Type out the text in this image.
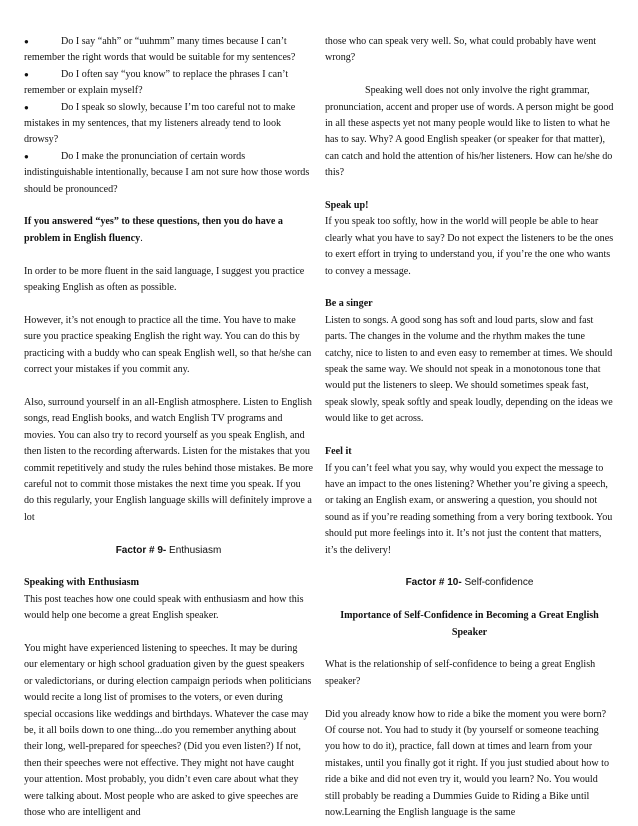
●	Do I say “ahh” or “uuhmm” many times because I can’t

remember the right words that would be suitable for my sentences?

●	Do I often say “you know” to replace the phrases I can’t

remember or explain myself?

●	Do I speak so slowly, because I’m too careful not to make

mistakes in my sentences, that my listeners already tend to look drowsy?

●	Do I make the pronunciation of certain words

indistinguishable intentionally, because I am not sure how those words should be pronounced?

If you answered “yes” to these questions, then you do have a problem in English fluency.

In order to be more fluent in the said language, I suggest you practice speaking English as often as possible.

However, it’s not enough to practice all the time. You have to make sure you practice speaking English the right way. You can do this by practicing with a buddy who can speak English well, so that he/she can correct your mistakes if you commit any.

Also, surround yourself in an all-English atmosphere. Listen to English songs, read English books, and watch English TV programs and movies. You can also try to record yourself as you speak English, and then listen to the recording afterwards. Listen for the mistakes that you commit repetitively and study the rules behind those mistakes. Be more careful not to commit those mistakes the next time you speak. If you do this regularly, your English language skills will definitely improve a lot

Factor # 9- Enthusiasm

Speaking with Enthusiasm

This post teaches how one could speak with enthusiasm and how this would help one become a great English speaker.

You might have experienced listening to speeches. It may be during our elementary or high school graduation given by the guest speakers or valedictorians, or during election campaign periods when politicians would recite a long list of promises to the voters, or even during special occasions like weddings and birthdays. Whatever the case may be, it all boils down to one thing...do you remember anything about their long, well-prepared for speeches? (Did you even listen?) If not, then their speeches were not effective. They might not have caught your attention. Most probably, you didn’t even care about what they were talking about. Most people who are asked to give speeches are those who are intelligent and

those who can speak very well. So, what could probably have went wrong?

Speaking well does not only involve the right grammar, pronunciation, accent and proper use of words. A person might be good in all these aspects yet not many people would like to listen to what he has to say. Why? A good English speaker (or speaker for that matter), can catch and hold the attention of his/her listeners. How can he/she do this?

Speak up!

If you speak too softly, how in the world will people be able to hear clearly what you have to say? Do not expect the listeners to be the ones to exert effort in trying to understand you, if you’re the one who wants to convey a message.

Be a singer

Listen to songs. A good song has soft and loud parts, slow and fast parts. The changes in the volume and the rhythm makes the tune catchy, nice to listen to and even easy to remember at times. We should speak the same way. We should not speak in a monotonous tone that would put the listeners to sleep. We should sometimes speak fast, speak slowly, speak softly and speak loudly, depending on the ideas we would like to get across.

Feel it

If you can’t feel what you say, why would you expect the message to have an impact to the ones listening? Whether you’re giving a speech, or taking an English exam, or answering a question, you should not sound as if you’re reading something from a very boring textbook. You should put more feelings into it. It’s not just the content that matters, it’s the delivery!

Factor # 10- Self-confidence

Importance of Self-Confidence in Becoming a Great English Speaker

What is the relationship of self-confidence to being a great English speaker?

Did you already know how to ride a bike the moment you were born? Of course not. You had to study it (by yourself or someone teaching you how to do it), practice, fall down at times and learn from your mistakes, until you finally got it right. If you just studied about how to ride a bike and did not even try it, would you learn? No. You would still probably be reading a Dummies Guide to Riding a Bike until now.Learning the English language is the same
